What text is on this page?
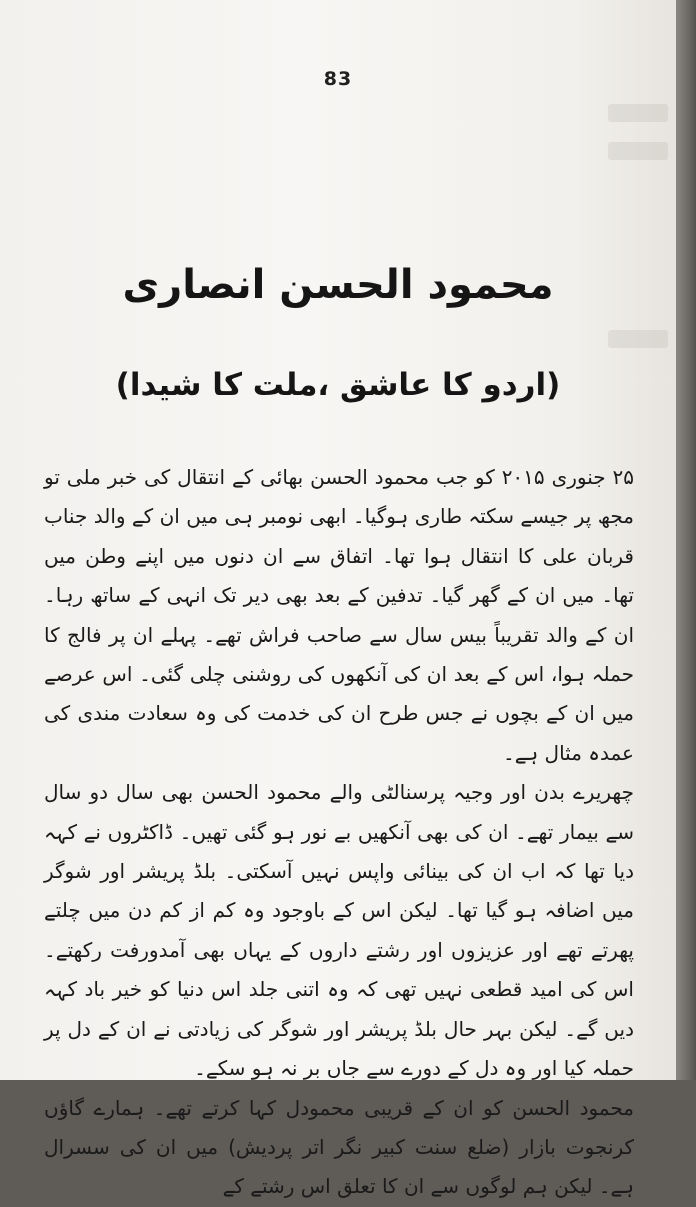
83
محمود الحسن انصاری
(اردو کا عاشق ،ملت کا شیدا)

۲۵ جنوری ۲۰۱۵ کو جب محمود الحسن بھائی کے انتقال کی خبر ملی تو مجھ پر جیسے سکتہ طاری ہوگیا۔ ابھی نومبر ہی میں ان کے والد جناب قربان علی کا انتقال ہوا تھا۔ اتفاق سے ان دنوں میں اپنے وطن میں تھا۔ میں ان کے گھر گیا۔ تدفین کے بعد بھی دیر تک انہی کے ساتھ رہا۔ ان کے والد تقریباً بیس سال سے صاحب فراش تھے۔ پہلے ان پر فالج کا حملہ ہوا، اس کے بعد ان کی آنکھوں کی روشنی چلی گئی۔ اس عرصے میں ان کے بچوں نے جس طرح ان کی خدمت کی وہ سعادت مندی کی عمدہ مثال ہے۔

چھریرے بدن اور وجیہ پرسنالٹی والے محمود الحسن بھی سال دو سال سے بیمار تھے۔ ان کی بھی آنکھیں بے نور ہو گئی تھیں۔ ڈاکٹروں نے کہہ دیا تھا کہ اب ان کی بینائی واپس نہیں آسکتی۔ بلڈ پریشر اور شوگر میں اضافہ ہو گیا تھا۔ لیکن اس کے باوجود وہ کم از کم دن میں چلتے پھرتے تھے اور عزیزوں اور رشتے داروں کے یہاں بھی آمدورفت رکھتے۔ اس کی امید قطعی نہیں تھی کہ وہ اتنی جلد اس دنیا کو خیر باد کہہ دیں گے۔ لیکن بہر حال بلڈ پریشر اور شوگر کی زیادتی نے ان کے دل پر حملہ کیا اور وہ دل کے دورے سے جاں بر نہ ہو سکے۔

محمود الحسن کو ان کے قریبی محمودل کہا کرتے تھے۔ ہمارے گاؤں کرنجوت بازار (ضلع سنت کبیر نگر اتر پردیش) میں ان کی سسرال ہے۔ لیکن ہم لوگوں سے ان کا تعلق اس رشتے کے
